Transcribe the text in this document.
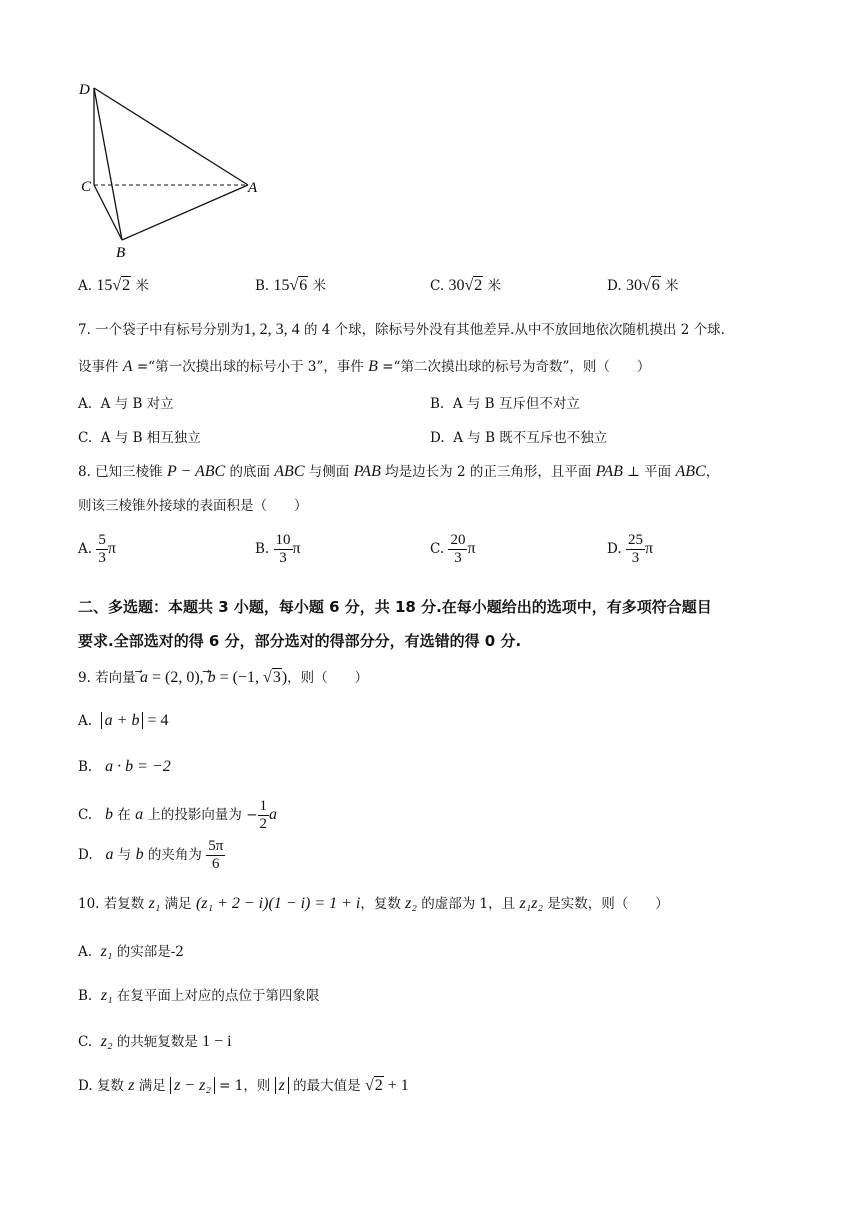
D
C	A
B
A. 15√2 米	B. 15√6 米	C. 30√2 米	D. 30√6 米
7. 一个袋子中有标号分别为1, 2, 3, 4 的 4 个球，除标号外没有其他差异.从中不放回地依次随机摸出 2 个球.
设事件 A =“第一次摸出球的标号小于 3”，事件 B =“第二次摸出球的标号为奇数”，则（　　）
A. A 与 B 对立	B. A 与 B 互斥但不对立
C. A 与 B 相互独立	D. A 与 B 既不互斥也不独立
8. 已知三棱锥 P − ABC 的底面 ABC 与侧面 PAB 均是边长为 2 的正三角形，且平面 PAB ⊥ 平面 ABC，
则该三棱锥外接球的表面积是（　　）
A. $\frac{5}{3}$ π	B. $\frac{10}{3}$ π	C. $\frac{20}{3}$ π	D. $\frac{25}{3}$ π
二、多选题：本题共 3 小题，每小题 6 分，共 18 分.在每小题给出的选项中，有多项符合题目
要求.全部选对的得 6 分，部分选对的得部分分，有选错的得 0 分.
9. 若向量 a = (2, 0), b = (−1, √3)，则（　　）
A. a + b = 4
B. a · b = −2
C. b 在 a 上的投影向量为 − $\frac{1}{2}$ a
D. a 与 b 的夹角为 $\frac{5\pi}{6}$
10. 若复数 z₁ 满足 (z₁ + 2 − i)(1 − i) = 1 + i，复数 z₂ 的虚部为 1，且 z₁z₂ 是实数，则（　　）
A. z₁ 的实部是-2
B. z₁ 在复平面上对应的点位于第四象限
C. z₂ 的共轭复数是 1 − i
D. 复数 z 满足 z − z₂ = 1，则 z 的最大值是 √2 + 1
